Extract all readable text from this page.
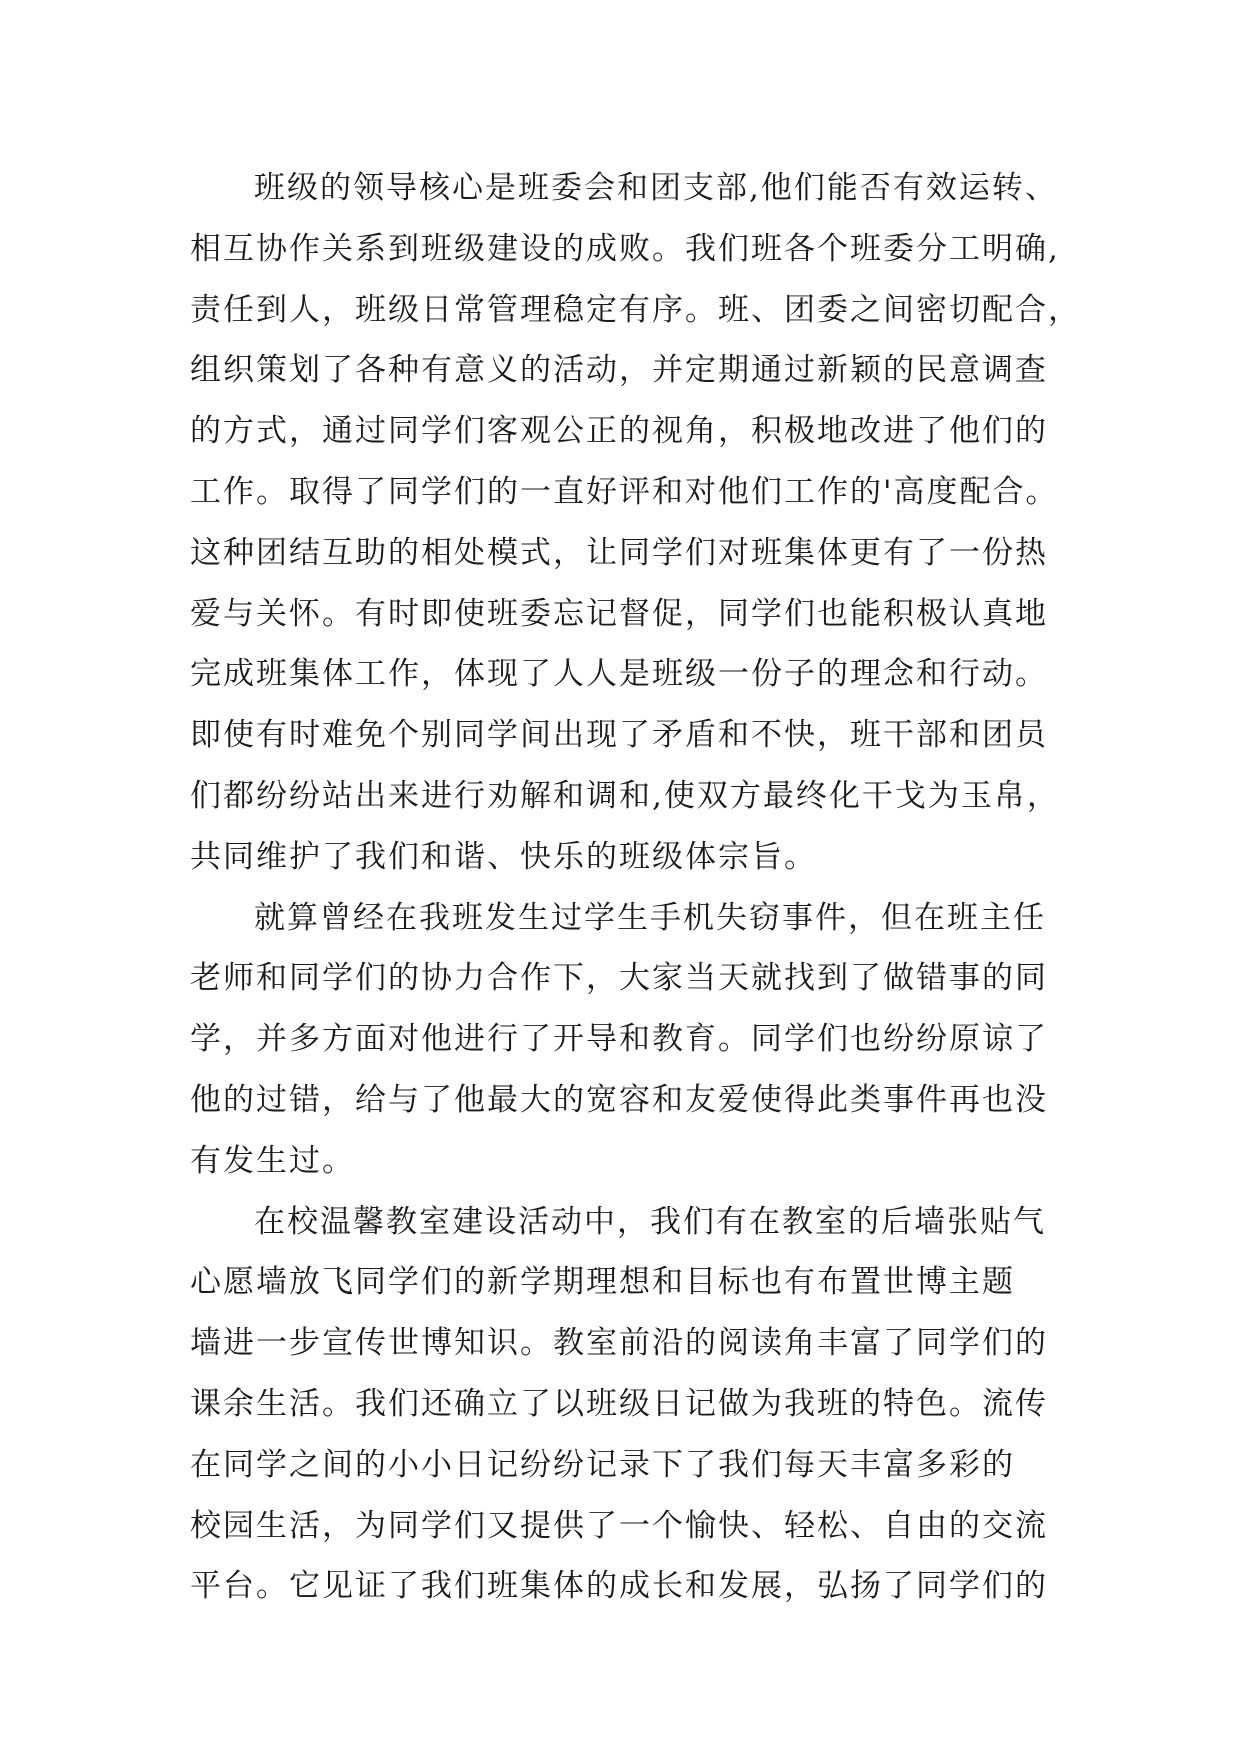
班级的领导核心是班委会和团支部,他们能否有效运转、
相互协作关系到班级建设的成败。我们班各个班委分工明确,
责任到人，班级日常管理稳定有序。班、团委之间密切配合，
组织策划了各种有意义的活动，并定期通过新颖的民意调查
的方式，通过同学们客观公正的视角，积极地改进了他们的
工作。取得了同学们的一直好评和对他们工作的'高度配合。
这种团结互助的相处模式，让同学们对班集体更有了一份热
爱与关怀。有时即使班委忘记督促，同学们也能积极认真地
完成班集体工作，体现了人人是班级一份子的理念和行动。
即使有时难免个别同学间出现了矛盾和不快，班干部和团员
们都纷纷站出来进行劝解和调和,使双方最终化干戈为玉帛，
共同维护了我们和谐、快乐的班级体宗旨。
就算曾经在我班发生过学生手机失窃事件，但在班主任
老师和同学们的协力合作下，大家当天就找到了做错事的同
学，并多方面对他进行了开导和教育。同学们也纷纷原谅了
他的过错，给与了他最大的宽容和友爱使得此类事件再也没
有发生过。
在校温馨教室建设活动中，我们有在教室的后墙张贴气
心愿墙放飞同学们的新学期理想和目标也有布置世博主题
墙进一步宣传世博知识。教室前沿的阅读角丰富了同学们的
课余生活。我们还确立了以班级日记做为我班的特色。流传
在同学之间的小小日记纷纷记录下了我们每天丰富多彩的
校园生活，为同学们又提供了一个愉快、轻松、自由的交流
平台。它见证了我们班集体的成长和发展，弘扬了同学们的
